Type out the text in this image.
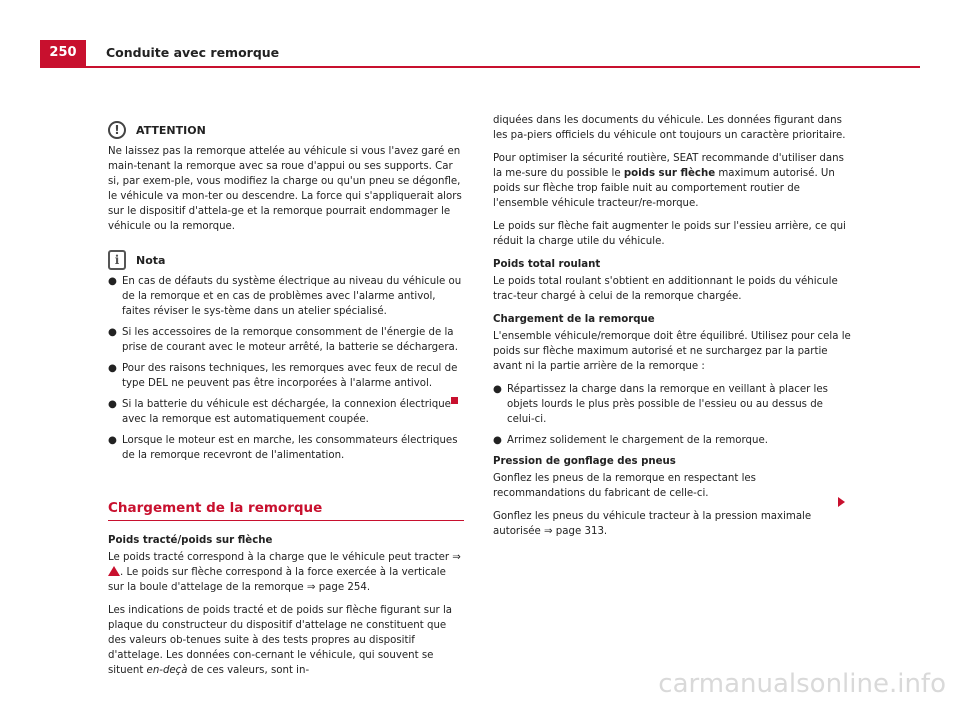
250	Conduite avec remorque
!	ATTENTION

Ne laissez pas la remorque attelée au véhicule si vous l'avez garé en main-tenant la remorque avec sa roue d'appui ou ses supports. Car si, par exem-ple, vous modifiez la charge ou qu'un pneu se dégonfle, le véhicule va mon-ter ou descendre. La force qui s'appliquerait alors sur le dispositif d'attela-ge et la remorque pourrait endommager le véhicule ou la remorque.

i	Nota
● En cas de défauts du système électrique au niveau du véhicule ou de la remorque et en cas de problèmes avec l'alarme antivol, faites réviser le sys-tème dans un atelier spécialisé.
● Si les accessoires de la remorque consomment de l'énergie de la prise de courant avec le moteur arrêté, la batterie se déchargera.
● Pour des raisons techniques, les remorques avec feux de recul de type DEL ne peuvent pas être incorporées à l'alarme antivol.
● Si la batterie du véhicule est déchargée, la connexion électrique avec la remorque est automatiquement coupée.
● Lorsque le moteur est en marche, les consommateurs électriques de la remorque recevront de l'alimentation.
Chargement de la remorque
Poids tracté/poids sur flèche

Le poids tracté correspond à la charge que le véhicule peut tracter ⇒ . Le poids sur flèche correspond à la force exercée à la verticale sur la boule d'attelage de la remorque ⇒ page 254.

Les indications de poids tracté et de poids sur flèche figurant sur la plaque du constructeur du dispositif d'attelage ne constituent que des valeurs ob-tenues suite à des tests propres au dispositif d'attelage. Les données con-cernant le véhicule, qui souvent se situent en-deçà de ces valeurs, sont in-

diquées dans les documents du véhicule. Les données figurant dans les pa-piers officiels du véhicule ont toujours un caractère prioritaire.

Pour optimiser la sécurité routière, SEAT recommande d'utiliser dans la me-sure du possible le poids sur flèche maximum autorisé. Un poids sur flèche trop faible nuit au comportement routier de l'ensemble véhicule tracteur/re-morque.

Le poids sur flèche fait augmenter le poids sur l'essieu arrière, ce qui réduit la charge utile du véhicule.

Poids total roulant

Le poids total roulant s'obtient en additionnant le poids du véhicule trac-teur chargé à celui de la remorque chargée.

Chargement de la remorque

L'ensemble véhicule/remorque doit être équilibré. Utilisez pour cela le poids sur flèche maximum autorisé et ne surchargez par la partie avant ni la partie arrière de la remorque :

● Répartissez la charge dans la remorque en veillant à placer les objets lourds le plus près possible de l'essieu ou au dessus de celui-ci.
● Arrimez solidement le chargement de la remorque.
Pression de gonflage des pneus

Gonflez les pneus de la remorque en respectant les recommandations du fabricant de celle-ci.

Gonflez les pneus du véhicule tracteur à la pression maximale autorisée ⇒ page 313.

carmanualsonline.info
